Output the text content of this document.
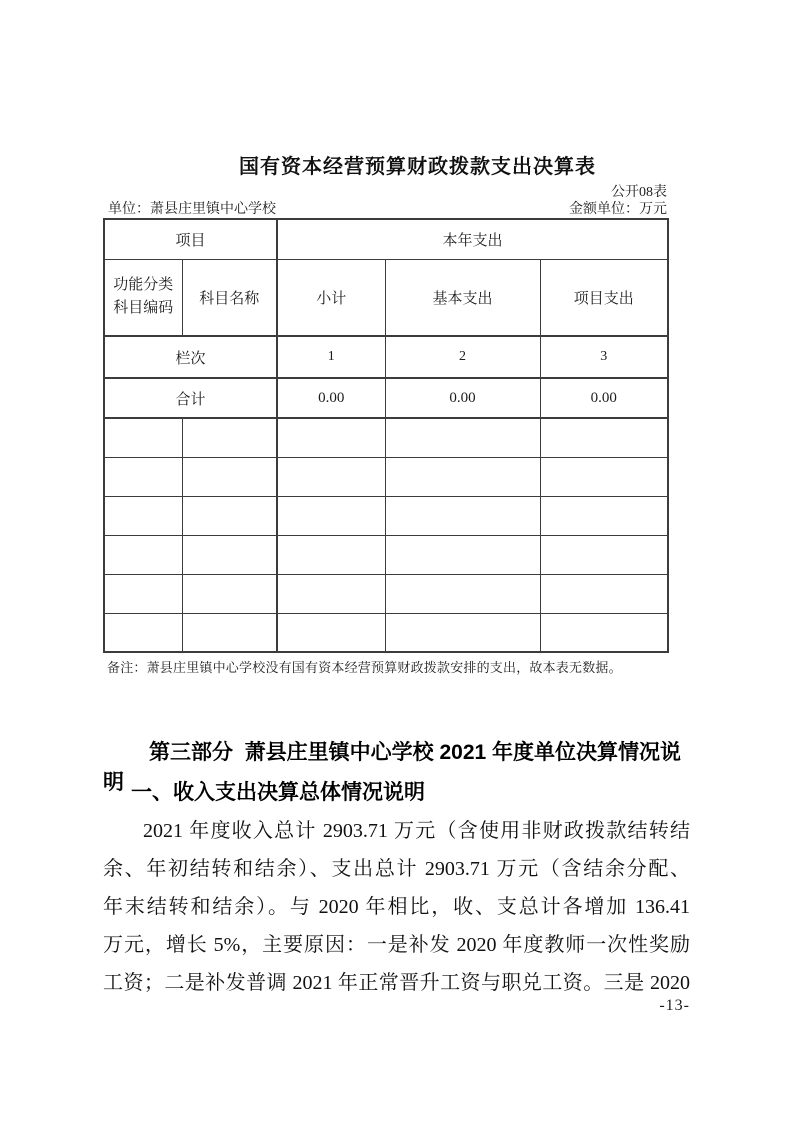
国有资本经营预算财政拨款支出决算表
公开08表
单位：萧县庄里镇中心学校	金额单位：万元
项目		本年支出		
功能分类科目编码	科目名称	小计	基本支出	项目支出
栏次		1	2	3
合计		0.00	0.00	0.00

备注：萧县庄里镇中心学校没有国有资本经营预算财政拨款安排的支出，故本表无数据。
第三部分  萧县庄里镇中心学校 2021 年度单位决算情况说明 一、收入支出决算总体情况说明
2021 年度收入总计 2903.71 万元（含使用非财政拨款结转结
余、年初结转和结余）、支出总计 2903.71 万元（含结余分配、
年末结转和结余）。与 2020 年相比，收、支总计各增加 136.41
万元，增长 5%，主要原因：一是补发 2020 年度教师一次性奖励
工资；二是补发普调 2021 年正常晋升工资与职兑工资。三是 2020
-13-
